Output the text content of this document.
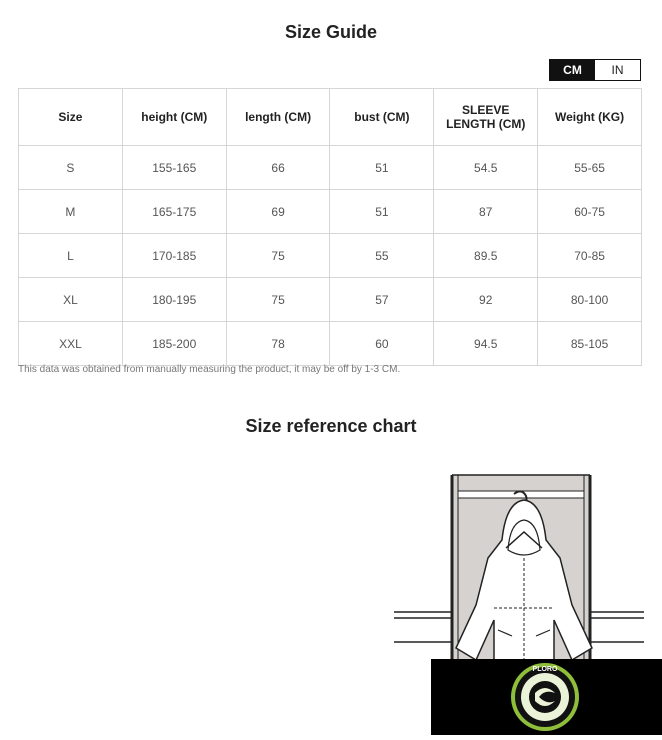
Size Guide
CM	IN
Size	height (CM)	length (CM)	bust (CM)	SLEEVE LENGTH (CM)	Weight (KG)
S	155-165	66	51	54.5	55-65
M	165-175	69	51	87	60-75
L	170-185	75	55	89.5	70-85
XL	180-195	75	57	92	80-100
XXL	185-200	78	60	94.5	85-105
This data was obtained from manually measuring the product, it may be off by 1-3 CM.
Size reference chart
PLORO
